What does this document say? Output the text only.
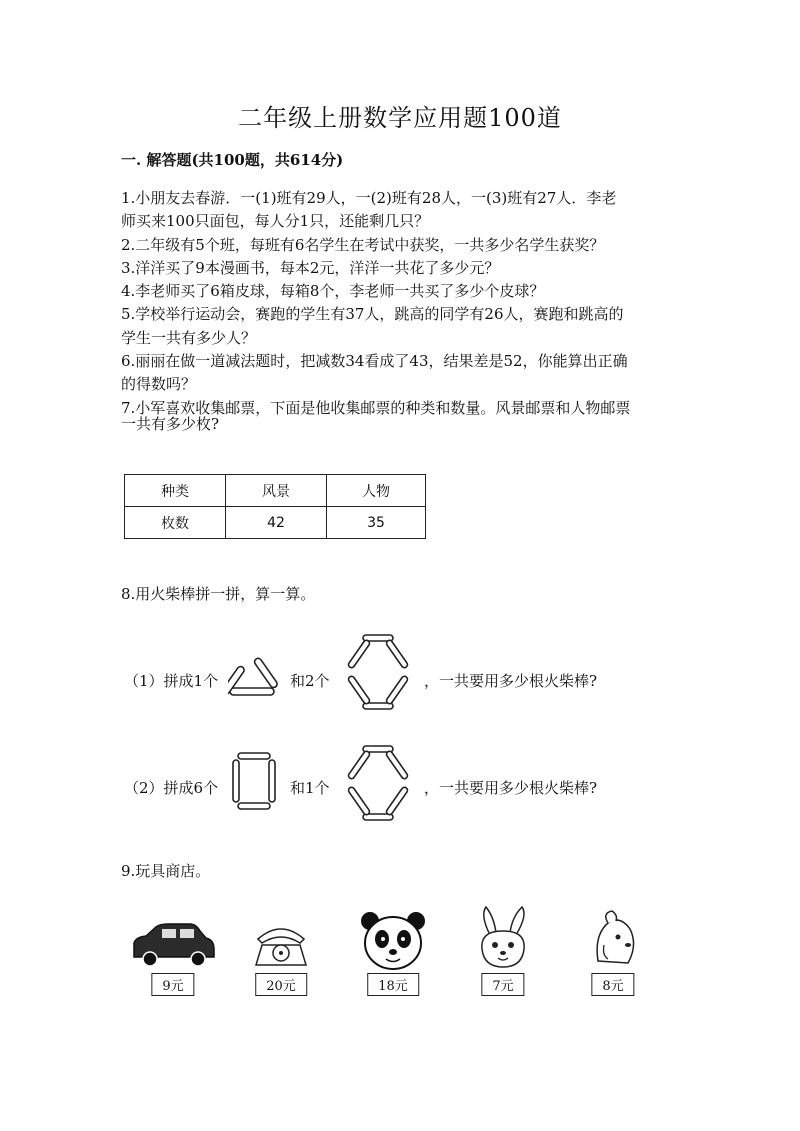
二年级上册数学应用题100道
一. 解答题(共100题，共614分)
1.小朋友去春游．一(1)班有29人，一(2)班有28人，一(3)班有27人．李老
师买来100只面包，每人分1只，还能剩几只？
2.二年级有5个班，每班有6名学生在考试中获奖，一共多少名学生获奖？
3.洋洋买了9本漫画书，每本2元，洋洋一共花了多少元？
4.李老师买了6箱皮球，每箱8个，李老师一共买了多少个皮球？
5.学校举行运动会，赛跑的学生有37人，跳高的同学有26人，赛跑和跳高的
学生一共有多少人？
6.丽丽在做一道减法题时，把减数34看成了43，结果差是52，你能算出正确
的得数吗？
7.小军喜欢收集邮票，下面是他收集邮票的种类和数量。风景邮票和人物邮票
一共有多少枚?
种类	风景	人物
枚数	42	35
8.用火柴棒拼一拼，算一算。
（1）拼成1个	和2个	，一共要用多少根火柴棒?
（2）拼成6个	和1个	，一共要用多少根火柴棒?
9.玩具商店。
9元	20元	18元	7元	8元
